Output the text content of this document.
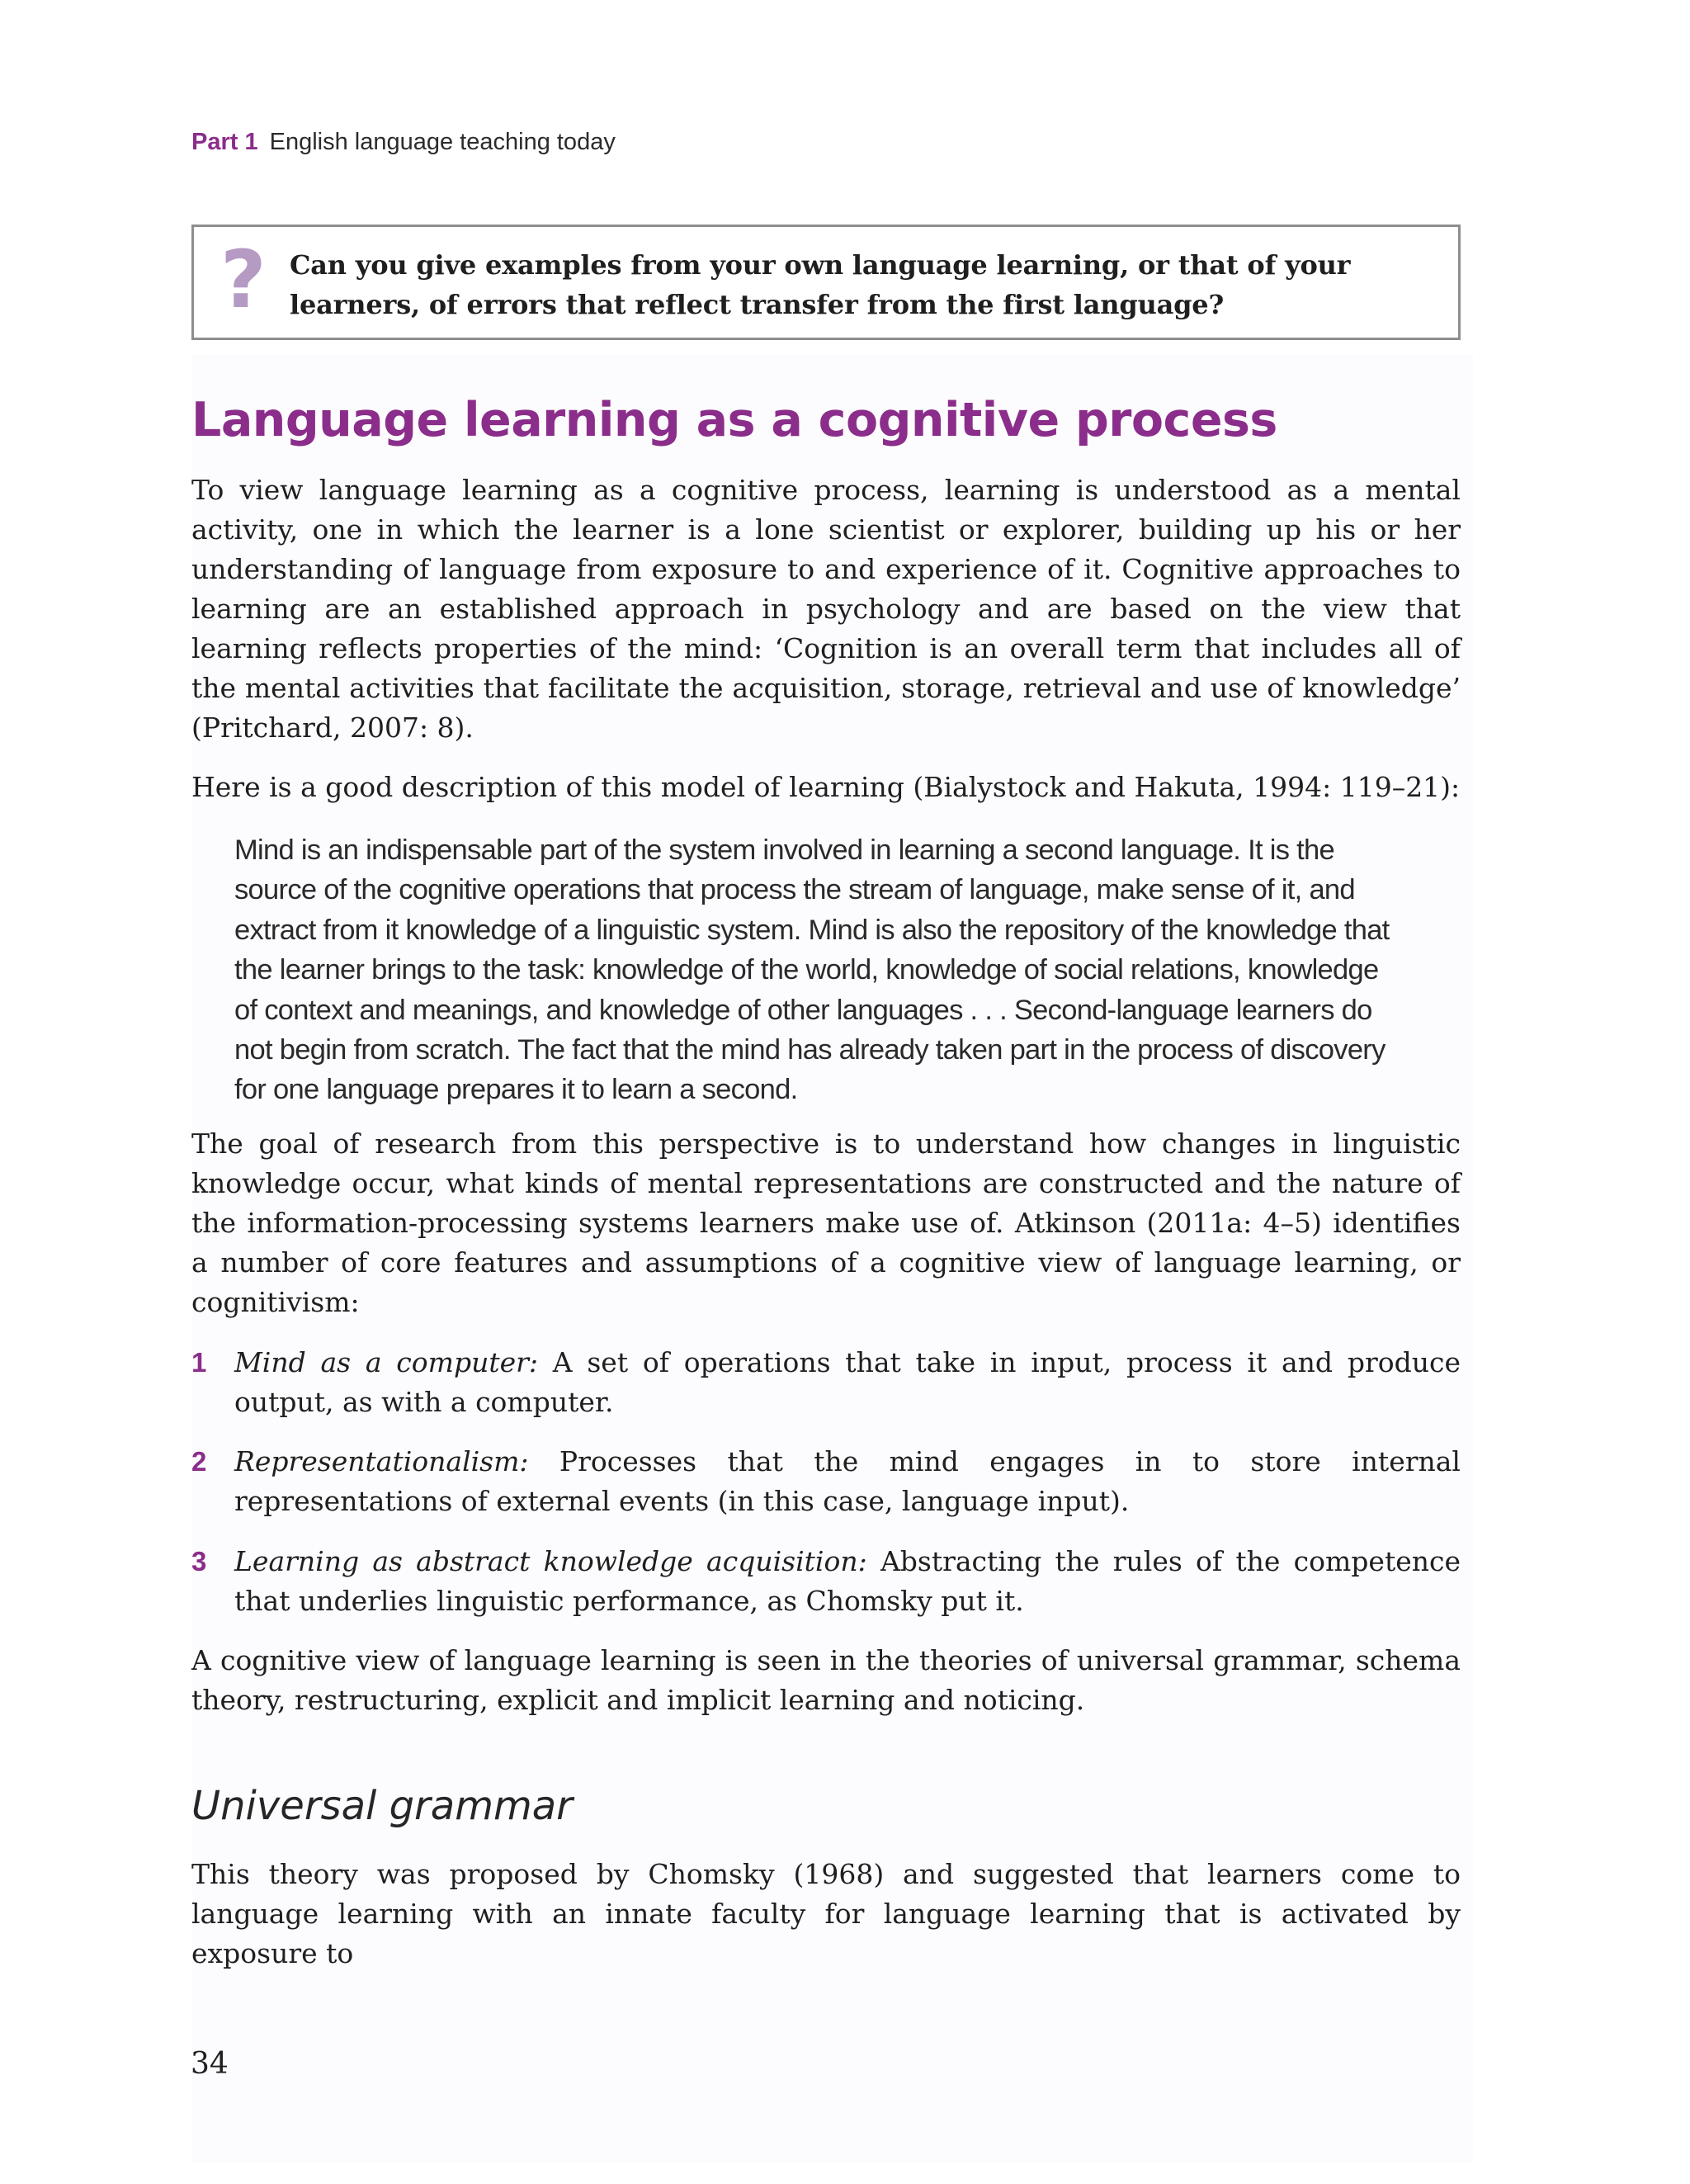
Part 1 English language teaching today
? Can you give examples from your own language learning, or that of your learners, of errors that reflect transfer from the first language?
Language learning as a cognitive process

To view language learning as a cognitive process, learning is understood as a mental activity, one in which the learner is a lone scientist or explorer, building up his or her understanding of language from exposure to and experience of it. Cognitive approaches to learning are an established approach in psychology and are based on the view that learning reflects properties of the mind: ‘Cognition is an overall term that includes all of the mental activities that facilitate the acquisition, storage, retrieval and use of knowledge’ (Pritchard, 2007: 8).

Here is a good description of this model of learning (Bialystock and Hakuta, 1994: 119–21):

Mind is an indispensable part of the system involved in learning a second language. It is the source of the cognitive operations that process the stream of language, make sense of it, and extract from it knowledge of a linguistic system. Mind is also the repository of the knowledge that the learner brings to the task: knowledge of the world, knowledge of social relations, knowledge of context and meanings, and knowledge of other languages . . . Second-language learners do not begin from scratch. The fact that the mind has already taken part in the process of discovery for one language prepares it to learn a second.

The goal of research from this perspective is to understand how changes in linguistic knowledge occur, what kinds of mental representations are constructed and the nature of the information-processing systems learners make use of. Atkinson (2011a: 4–5) identifies a number of core features and assumptions of a cognitive view of language learning, or cognitivism:

1 Mind as a computer: A set of operations that take in input, process it and produce output, as with a computer.
2 Representationalism: Processes that the mind engages in to store internal representations of external events (in this case, language input).
3 Learning as abstract knowledge acquisition: Abstracting the rules of the competence that underlies linguistic performance, as Chomsky put it.

A cognitive view of language learning is seen in the theories of universal grammar, schema theory, restructuring, explicit and implicit learning and noticing.

Universal grammar

This theory was proposed by Chomsky (1968) and suggested that learners come to language learning with an innate faculty for language learning that is activated by exposure to

34
